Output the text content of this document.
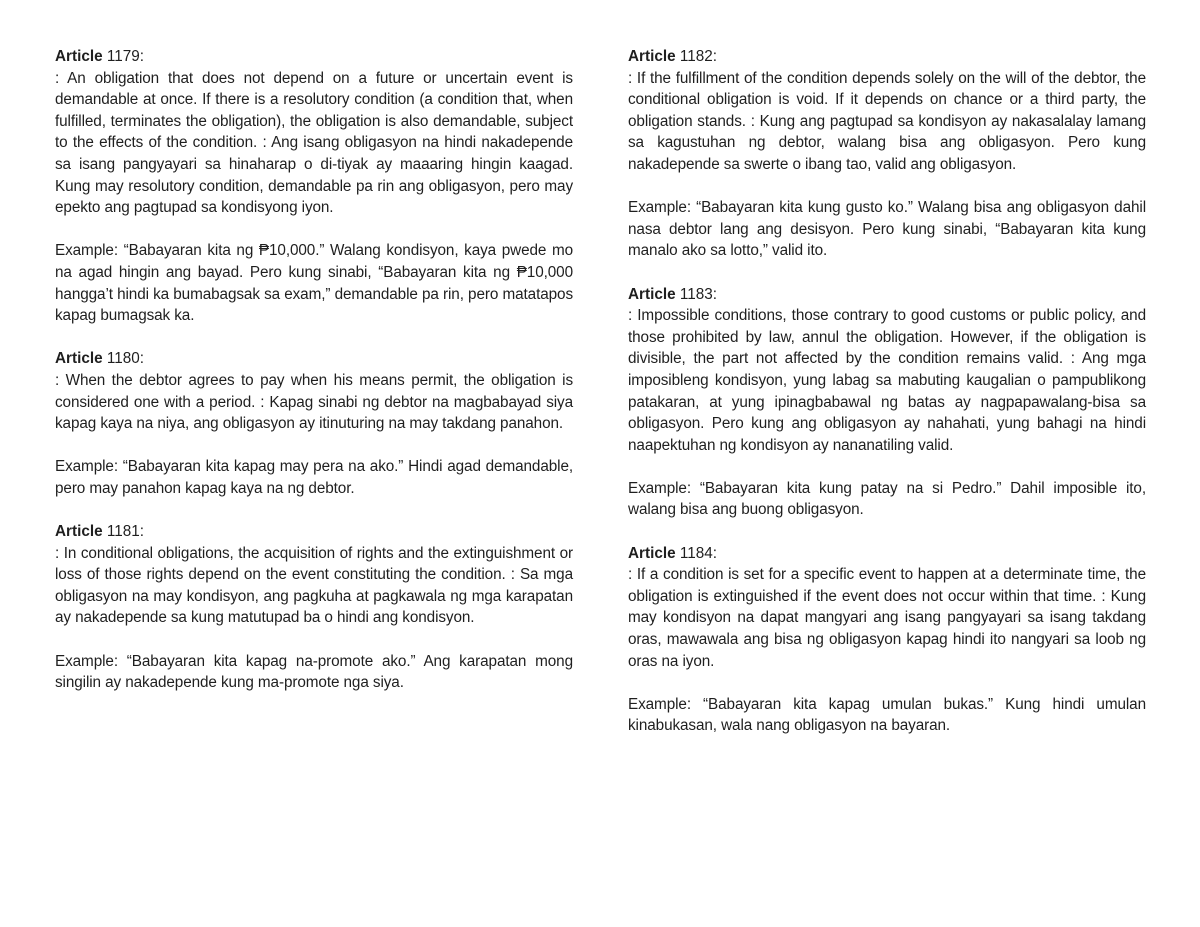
Article 1179:

: An obligation that does not depend on a future or uncertain event is demandable at once. If there is a resolutory condition (a condition that, when fulfilled, terminates the obligation), the obligation is also demandable, subject to the effects of the condition. : Ang isang obligasyon na hindi nakadepende sa isang pangyayari sa hinaharap o di-tiyak ay maaaring hingin kaagad. Kung may resolutory condition, demandable pa rin ang obligasyon, pero may epekto ang pagtupad sa kondisyong iyon.

Example: “Babayaran kita ng ₱10,000.” Walang kondisyon, kaya pwede mo na agad hingin ang bayad. Pero kung sinabi, “Babayaran kita ng ₱10,000 hangga’t hindi ka bumabagsak sa exam,” demandable pa rin, pero matatapos kapag bumagsak ka.

Article 1180:

: When the debtor agrees to pay when his means permit, the obligation is considered one with a period. : Kapag sinabi ng debtor na magbabayad siya kapag kaya na niya, ang obligasyon ay itinuturing na may takdang panahon.

Example: “Babayaran kita kapag may pera na ako.” Hindi agad demandable, pero may panahon kapag kaya na ng debtor.

Article 1181:

: In conditional obligations, the acquisition of rights and the extinguishment or loss of those rights depend on the event constituting the condition. : Sa mga obligasyon na may kondisyon, ang pagkuha at pagkawala ng mga karapatan ay nakadepende sa kung matutupad ba o hindi ang kondisyon.

Example: “Babayaran kita kapag na-promote ako.” Ang karapatan mong singilin ay nakadepende kung ma-promote nga siya.

Article 1182:

: If the fulfillment of the condition depends solely on the will of the debtor, the conditional obligation is void. If it depends on chance or a third party, the obligation stands. : Kung ang pagtupad sa kondisyon ay nakasalalay lamang sa kagustuhan ng debtor, walang bisa ang obligasyon. Pero kung nakadepende sa swerte o ibang tao, valid ang obligasyon.

Example: “Babayaran kita kung gusto ko.” Walang bisa ang obligasyon dahil nasa debtor lang ang desisyon. Pero kung sinabi, “Babayaran kita kung manalo ako sa lotto,” valid ito.

Article 1183:

: Impossible conditions, those contrary to good customs or public policy, and those prohibited by law, annul the obligation. However, if the obligation is divisible, the part not affected by the condition remains valid. : Ang mga imposibleng kondisyon, yung labag sa mabuting kaugalian o pampublikong patakaran, at yung ipinagbabawal ng batas ay nagpapawalang-bisa sa obligasyon. Pero kung ang obligasyon ay nahahati, yung bahagi na hindi naapektuhan ng kondisyon ay nananatiling valid.

Example: “Babayaran kita kung patay na si Pedro.” Dahil imposible ito, walang bisa ang buong obligasyon.

Article 1184:

: If a condition is set for a specific event to happen at a determinate time, the obligation is extinguished if the event does not occur within that time. : Kung may kondisyon na dapat mangyari ang isang pangyayari sa isang takdang oras, mawawala ang bisa ng obligasyon kapag hindi ito nangyari sa loob ng oras na iyon.

Example: “Babayaran kita kapag umulan bukas.” Kung hindi umulan kinabukasan, wala nang obligasyon na bayaran.
